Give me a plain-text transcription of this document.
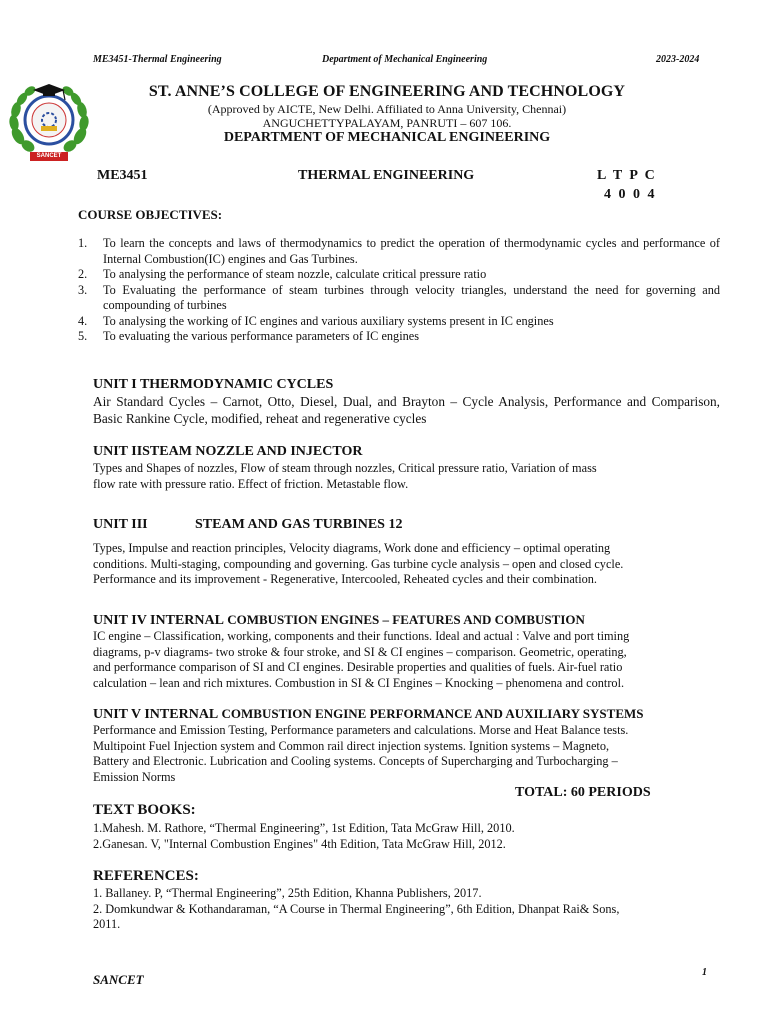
ME3451-Thermal Engineering	Department of Mechanical Engineering	2023-2024
SANCET
ST. ANNE’S COLLEGE OF ENGINEERING AND TECHNOLOGY
(Approved by AICTE, New Delhi. Affiliated to Anna University, Chennai)
ANGUCHETTYPALAYAM, PANRUTI – 607 106.
DEPARTMENT OF MECHANICAL ENGINEERING
ME3451	THERMAL ENGINEERING	L T P C
4 0 0 4
COURSE OBJECTIVES:
1. To learn the concepts and laws of thermodynamics to predict the operation of thermodynamic cycles and performance of Internal Combustion(IC) engines and Gas Turbines.
2. To analysing the performance of steam nozzle, calculate critical pressure ratio
3. To Evaluating the performance of steam turbines through velocity triangles, understand the need for governing and compounding of turbines
4. To analysing the working of IC engines and various auxiliary systems present in IC engines
5. To evaluating the various performance parameters of IC engines
UNIT I THERMODYNAMIC CYCLES
Air Standard Cycles – Carnot, Otto, Diesel, Dual, and Brayton – Cycle Analysis, Performance and Comparison, Basic Rankine Cycle, modified, reheat and regenerative cycles
UNIT IISTEAM NOZZLE AND INJECTOR
Types and Shapes of nozzles, Flow of steam through nozzles, Critical pressure ratio, Variation of mass
flow rate with pressure ratio. Effect of friction. Metastable flow.
UNIT III	STEAM AND GAS TURBINES 12
Types, Impulse and reaction principles, Velocity diagrams, Work done and efficiency – optimal operating
conditions. Multi-staging, compounding and governing. Gas turbine cycle analysis – open and closed cycle.
Performance and its improvement - Regenerative, Intercooled, Reheated cycles and their combination.
UNIT IV INTERNAL COMBUSTION ENGINES – FEATURES AND COMBUSTION
IC engine – Classification, working, components and their functions. Ideal and actual : Valve and port timing
diagrams, p-v diagrams- two stroke & four stroke, and SI & CI engines – comparison. Geometric, operating,
and performance comparison of SI and CI engines. Desirable properties and qualities of fuels. Air-fuel ratio
calculation – lean and rich mixtures. Combustion in SI & CI Engines – Knocking – phenomena and control.
UNIT V INTERNAL COMBUSTION ENGINE PERFORMANCE AND AUXILIARY SYSTEMS
Performance and Emission Testing, Performance parameters and calculations. Morse and Heat Balance tests.
Multipoint Fuel Injection system and Common rail direct injection systems. Ignition systems – Magneto,
Battery and Electronic. Lubrication and Cooling systems. Concepts of Supercharging and Turbocharging –
Emission Norms
TOTAL: 60 PERIODS
TEXT BOOKS:
1.Mahesh. M. Rathore, “Thermal Engineering”, 1st Edition, Tata McGraw Hill, 2010.
2.Ganesan. V, "Internal Combustion Engines" 4th Edition, Tata McGraw Hill, 2012.
REFERENCES:
1. Ballaney. P, “Thermal Engineering”, 25th Edition, Khanna Publishers, 2017.
2. Domkundwar & Kothandaraman, “A Course in Thermal Engineering”, 6th Edition, Dhanpat Rai& Sons,
2011.
SANCET	1
